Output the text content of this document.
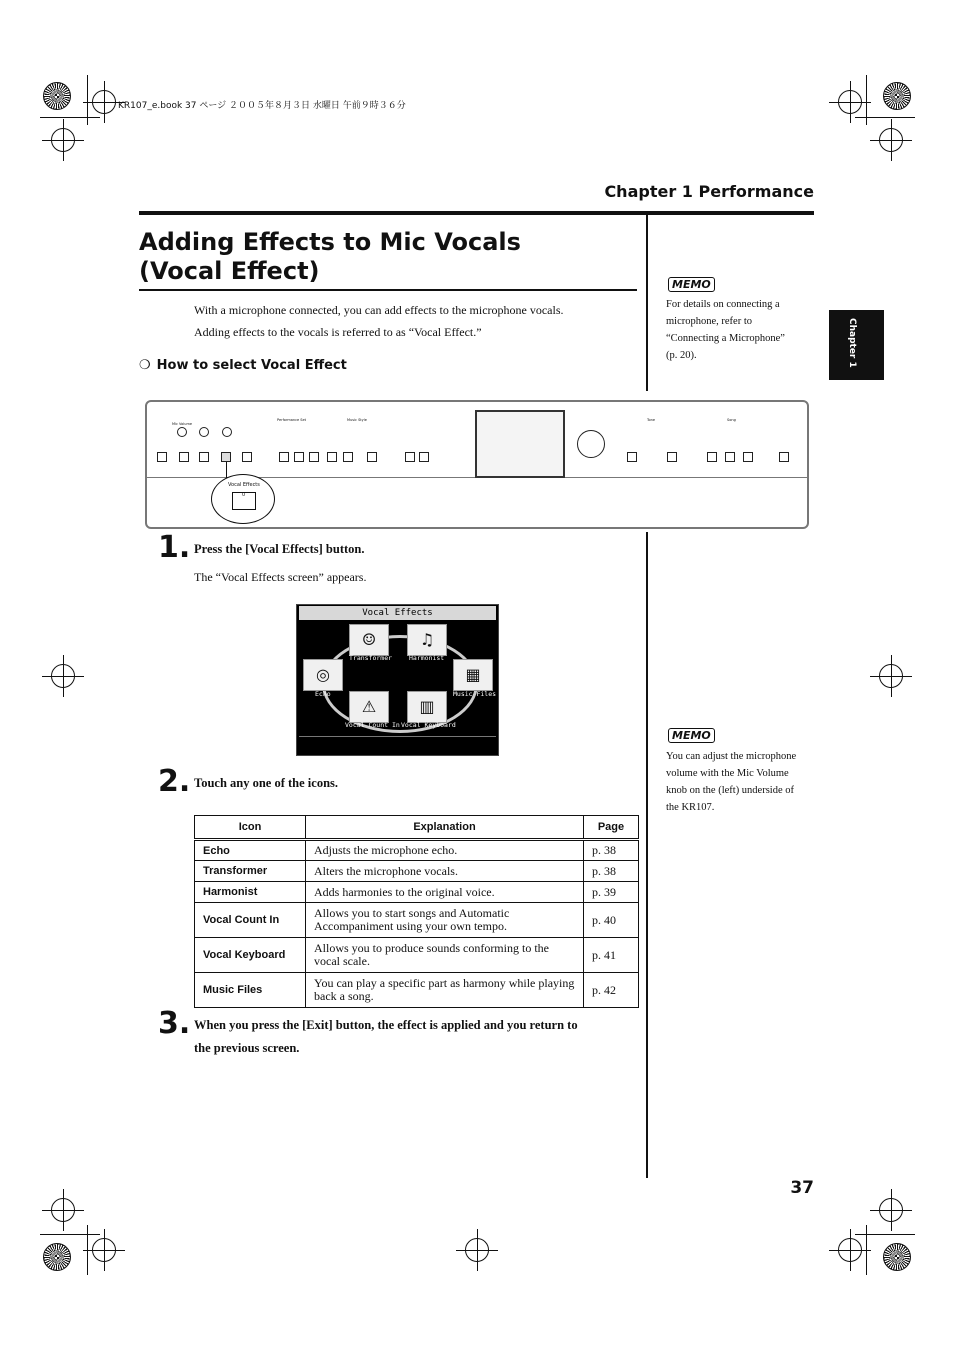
KR107_e.book 37 ページ ２００５年８月３日 水曜日 午前９時３６分
Chapter 1 Performance
Chapter 1
Adding Effects to Mic Vocals
(Vocal Effect)
With a microphone connected, you can add effects to the microphone vocals.
Adding effects to the vocals is referred to as “Vocal Effect.”
❍ How to select Vocal Effect
MEMO
For details on connecting a
microphone, refer to
“Connecting a Microphone”
(p. 20).
Mic Volume
Performance Set	Music Style	Tone	Song
Vocal Effects
0
1. Press the [Vocal Effects] button.
The “Vocal Effects screen” appears.
Vocal Effects
☺
Transformer
♫
Harmonist
◎
Echo
▦
Music Files
⚠
Vocal Count In
▥
Vocal Keyboard
MEMO
You can adjust the microphone
volume with the Mic Volume
knob on the (left) underside of
the KR107.
2. Touch any one of the icons.
Icon	Explanation	Page
Echo	Adjusts the microphone echo.	p. 38
Transformer	Alters the microphone vocals.	p. 38
Harmonist	Adds harmonies to the original voice.	p. 39
Vocal Count In	Allows you to start songs and Automatic Accompaniment using your own tempo.	p. 40
Vocal Keyboard	Allows you to produce sounds conforming to the vocal scale.	p. 41
Music Files	You can play a specific part as harmony while playing back a song.	p. 42
3. When you press the [Exit] button, the effect is applied and you return to
the previous screen.
37
